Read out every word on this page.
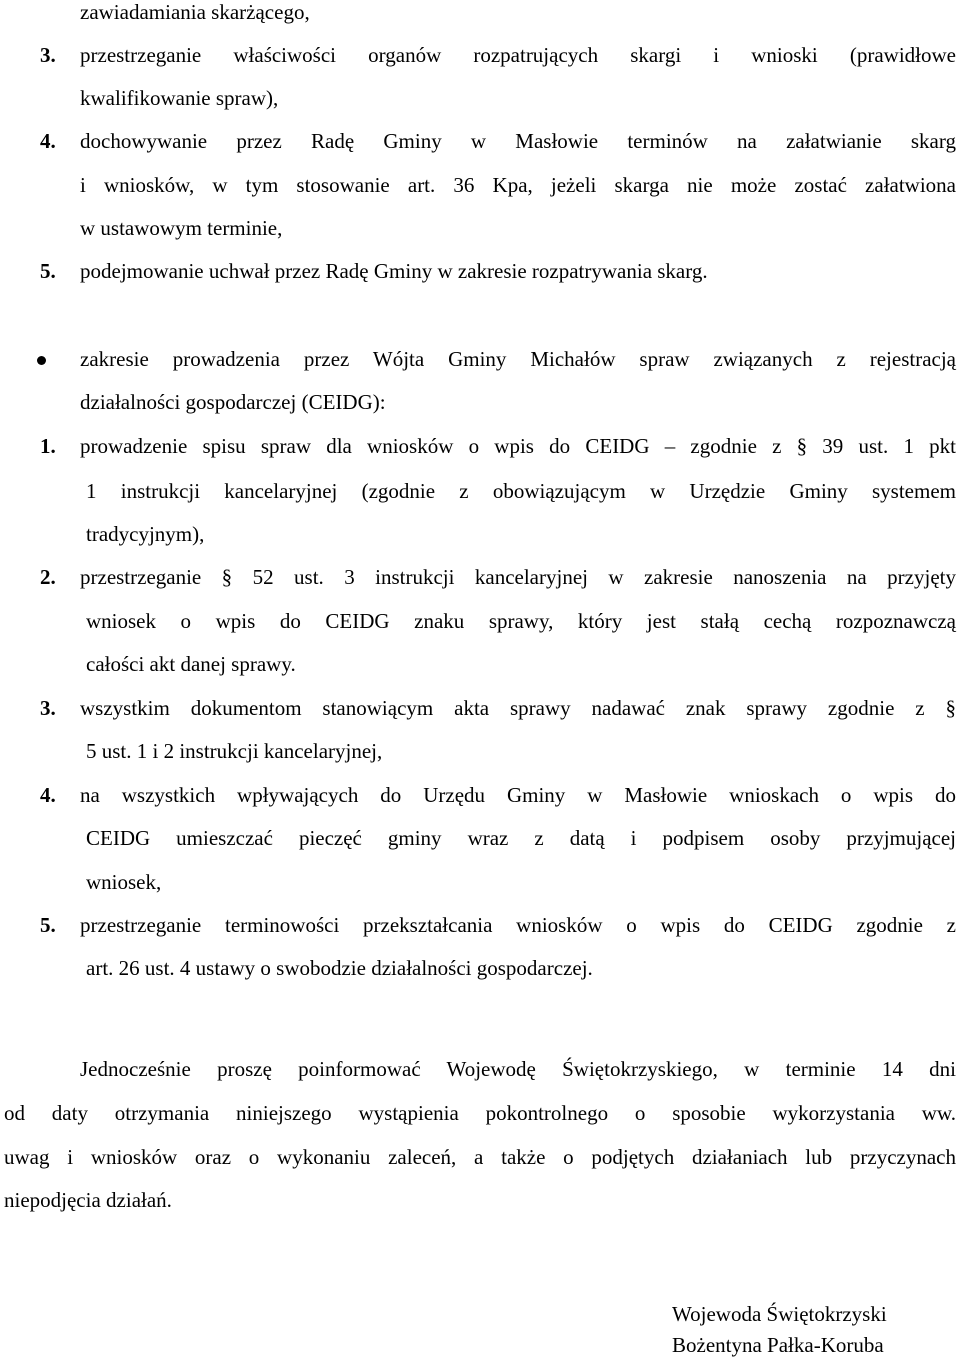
zawiadamiania skarżącego,
3. przestrzeganie właściwości organów rozpatrujących skargi i wnioski (prawidłowe
kwalifikowanie spraw),
4. dochowywanie przez Radę Gminy w Masłowie terminów na załatwianie skarg
i wniosków, w tym stosowanie art. 36 Kpa, jeżeli skarga nie może zostać załatwiona
w ustawowym terminie,
5. podejmowanie uchwał przez Radę Gminy w zakresie rozpatrywania skarg.
zakresie prowadzenia przez Wójta Gminy Michałów spraw związanych z rejestracją
działalności gospodarczej (CEIDG):
1. prowadzenie spisu spraw dla wniosków o wpis do CEIDG – zgodnie z § 39 ust. 1 pkt
1 instrukcji kancelaryjnej (zgodnie z obowiązującym w Urzędzie Gminy systemem
tradycyjnym),
2. przestrzeganie § 52 ust. 3 instrukcji kancelaryjnej w zakresie nanoszenia na przyjęty
wniosek o wpis do CEIDG znaku sprawy, który jest stałą cechą rozpoznawczą
całości akt danej sprawy.
3. wszystkim dokumentom stanowiącym akta sprawy nadawać znak sprawy zgodnie z §
5 ust. 1 i 2 instrukcji kancelaryjnej,
4. na wszystkich wpływających do Urzędu Gminy w Masłowie wnioskach o wpis do
CEIDG umieszczać pieczęć gminy wraz z datą i podpisem osoby przyjmującej
wniosek,
5. przestrzeganie terminowości przekształcania wniosków o wpis do CEIDG zgodnie z
art. 26 ust. 4 ustawy o swobodzie działalności gospodarczej.
Jednocześnie proszę poinformować Wojewodę Świętokrzyskiego, w terminie 14 dni
od daty otrzymania niniejszego wystąpienia pokontrolnego o sposobie wykorzystania ww.
uwag i wniosków oraz o wykonaniu zaleceń, a także o podjętych działaniach lub przyczynach
niepodjęcia działań.
Wojewoda Świętokrzyski
Bożentyna Pałka-Koruba
